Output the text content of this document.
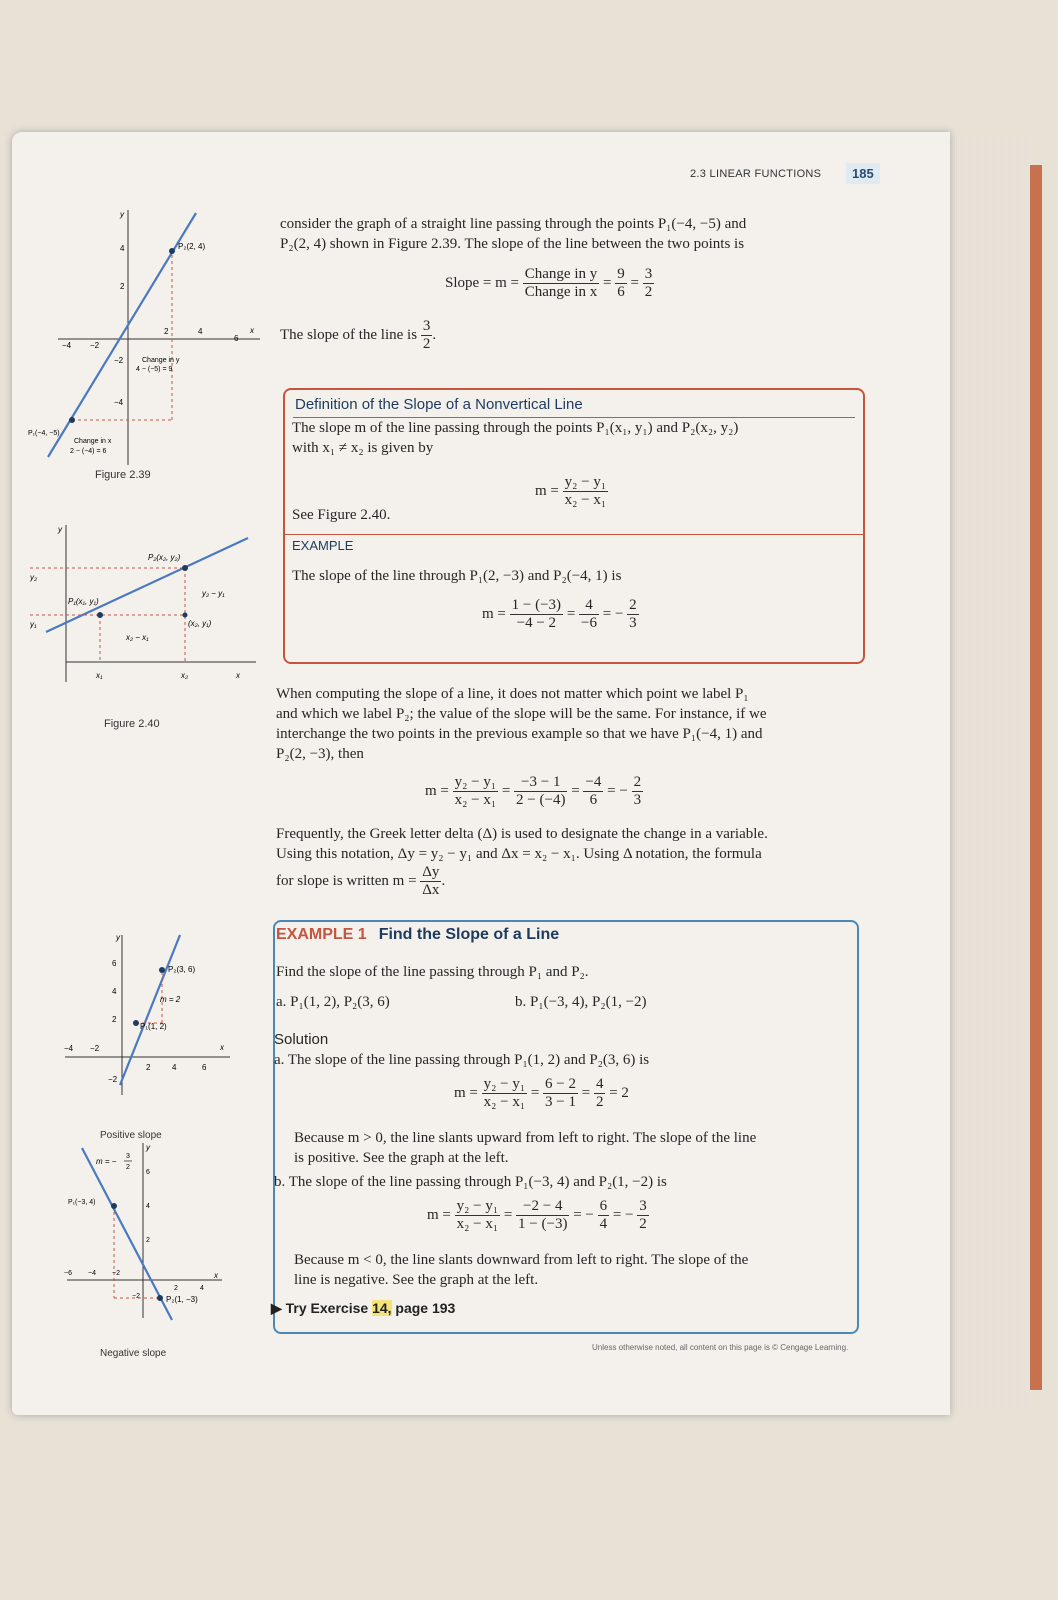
2.3 LINEAR FUNCTIONS	185
consider the graph of a straight line passing through the points P₁(−4, −5) and
P₂(2, 4) shown in Figure 2.39. The slope of the line between the two points is
Slope = $m = \frac{\text{Change in y}}{\text{Change in x}} = \frac{9}{6} = \frac{3}{2}$
The slope of the line is $\frac{3}{2}$ .
Definition of the Slope of a Nonvertical Line
The slope m of the line passing through the points P₁(x₁, y₁) and P₂(x₂, y₂)
with x₁ ≠ x₂ is given by
$m = \frac{\text{y₂ − y₁}}{\text{x₂ − x₁}}$
See Figure 2.40.
EXAMPLE
The slope of the line through P₁(2, −3) and P₂(−4, 1) is
$m = \frac{1 - (-3)}{-4 - 2} = \frac{4}{-6}$ = − $\frac{2}{3}$
When computing the slope of a line, it does not matter which point we label P₁
and which we label P₂; the value of the slope will be the same. For instance, if we
interchange the two points in the previous example so that we have P₁(−4, 1) and
P₂(2, −3), then
$m = \frac{\text{y₂ − y₁}}{\text{x₂ − x₁}} = \frac{-3 - 1}{2 - (-4)} = \frac{-4}{6}$ = − $\frac{2}{3}$
Frequently, the Greek letter delta (Δ) is used to designate the change in a variable.
Using this notation, Δy = y₂ − y₁ and Δx = x₂ − x₁. Using Δ notation, the formula
for slope is written $m = \frac{\Delta y}{\Delta x}$ .
EXAMPLE 1 Find the Slope of a Line
Find the slope of the line passing through P₁ and P₂.
a. P₁(1, 2), P₂(3, 6)	b. P₁(−3, 4), P₂(1, −2)
Solution
a. The slope of the line passing through P₁(1, 2) and P₂(3, 6) is
$m = \frac{\text{y₂ − y₁}}{\text{x₂ − x₁}} = \frac{6 - 2}{3 - 1} = \frac{4}{2} = 2$
Because m > 0, the line slants upward from left to right. The slope of the line
is positive. See the graph at the left.
b. The slope of the line passing through P₁(−3, 4) and P₂(1, −2) is
$m = \frac{\text{y₂ − y₁}}{\text{x₂ − x₁}} = \frac{-2 - 4}{1 - (-3)}$ = − $\frac{6}{4}$ = − $\frac{3}{2}$
Because m < 0, the line slants downward from left to right. The slope of the
line is negative. See the graph at the left.
▶ Try Exercise 14, page 193
Unless otherwise noted, all content on this page is © Cengage Learning.
P₂(2, 4)
P₁(−4, −5)
Change in y
4 − (−5) = 9
Change in x
2 − (−4) = 6
−4 −2
2	4
6
4
2
−2
−4
x
y
Figure 2.39
P₂(x₂, y₂)
P₁(x₁, y₁)
(x₂, y₁)
y₂ − y₁
x₂ − x₁
y₂
y₁
x₁	x₂	x
y
Figure 2.40
P₂(3, 6)
P₁(1, 2)
m = 2
−4 −2
2	4	6
6
4
2
−2
x
y
Positive slope
P₁(−3, 4)
P₂(1, −3)
m = −
3
2
−6 −4 −2
2	4
6
4
2
−2
x
y
Negative slope
